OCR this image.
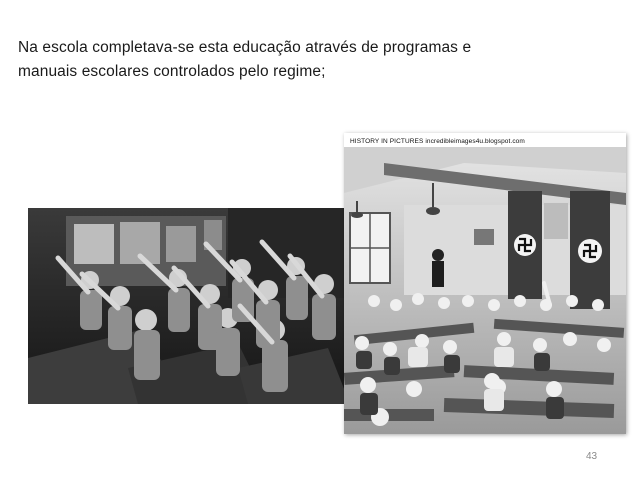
Na escola completava-se esta educação através de programas e
manuais escolares controlados pelo regime;
HISTORY IN PICTURES incredibleimages4u.blogspot.com
43
